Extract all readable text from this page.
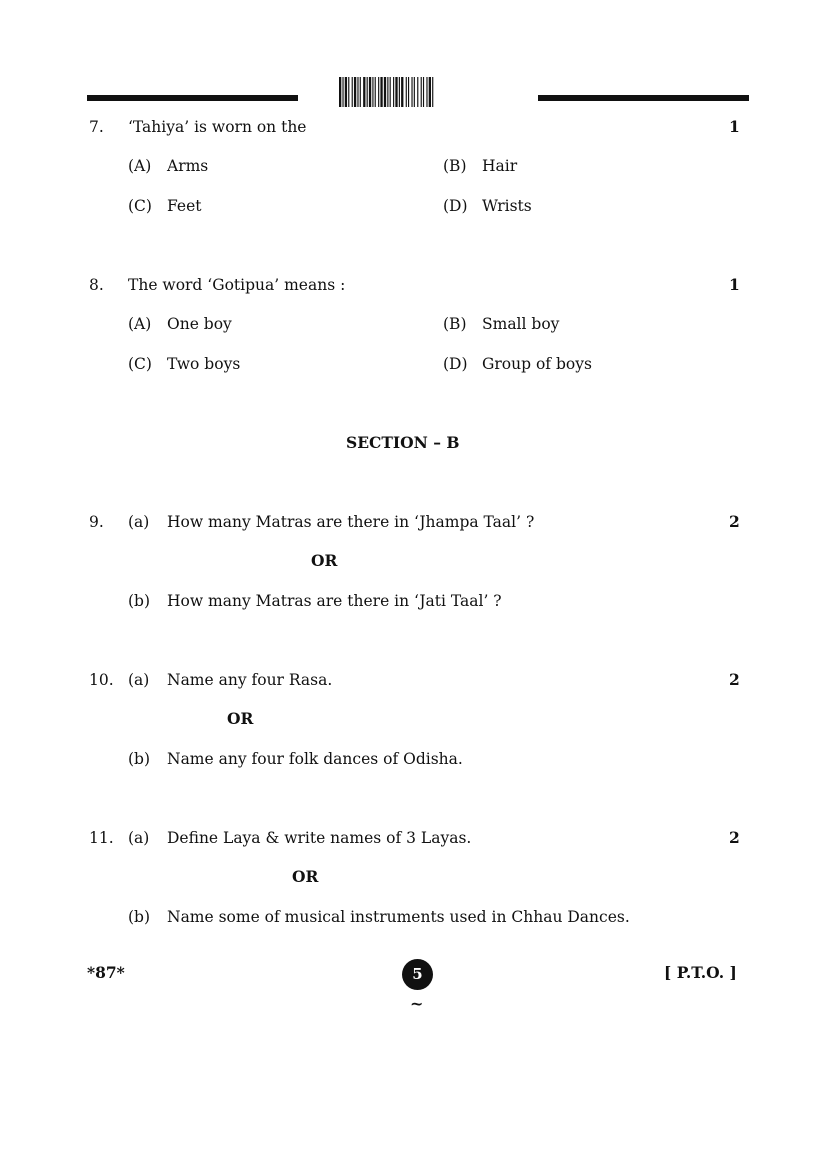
7. ‘Tahiya’ is worn on the	1
(A) Arms	(B) Hair
(C) Feet	(D) Wrists
8. The word ‘Gotipua’ means :	1
(A) One boy	(B) Small boy
(C) Two boys	(D) Group of boys
SECTION – B
9. (a) How many Matras are there in ‘Jhampa Taal’ ?	2
OR
(b) How many Matras are there in ‘Jati Taal’ ?
10. (a) Name any four Rasa.	2
OR
(b) Name any four folk dances of Odisha.
11. (a) Define Laya & write names of 3 Layas.	2
OR
(b) Name some of musical instruments used in Chhau Dances.
*87*	5	[ P.T.O. ]
~
